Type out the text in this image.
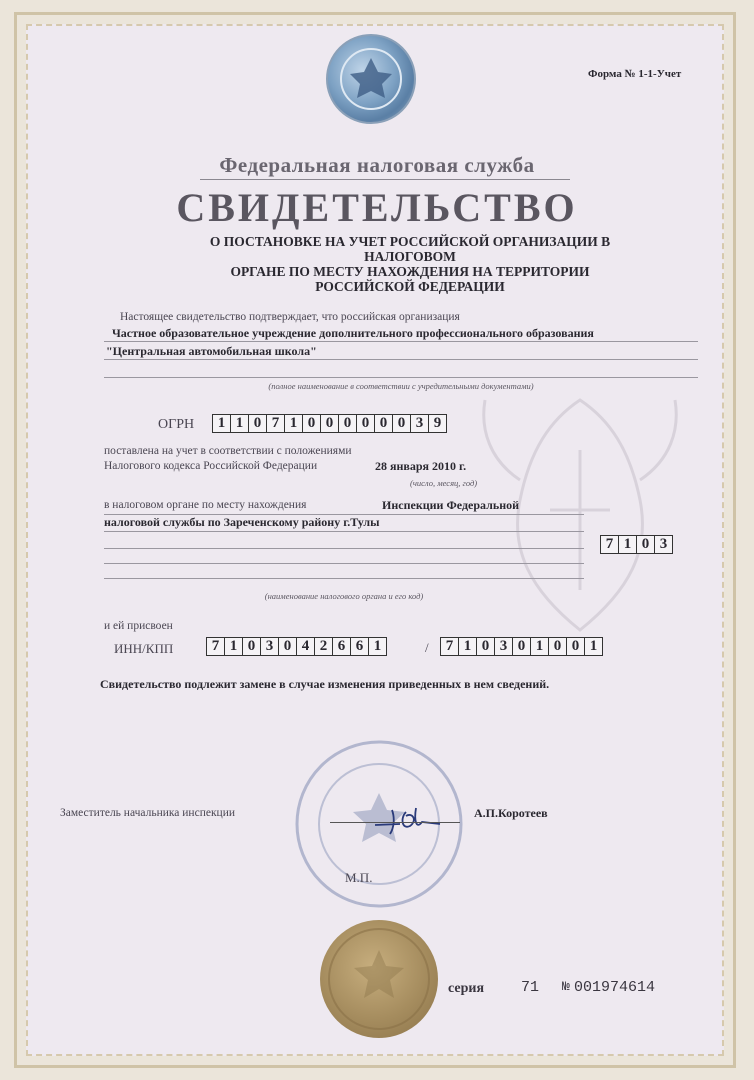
Форма № 1-1-Учет
Федеральная налоговая служба
СВИДЕТЕЛЬСТВО
О ПОСТАНОВКЕ НА УЧЕТ РОССИЙСКОЙ ОРГАНИЗАЦИИ В НАЛОГОВОМ
ОРГАНЕ ПО МЕСТУ НАХОЖДЕНИЯ НА ТЕРРИТОРИИ
РОССИЙСКОЙ ФЕДЕРАЦИИ
Настоящее свидетельство подтверждает, что российская организация
Частное образовательное учреждение дополнительного профессионального образования
"Центральная автомобильная школа"
(полное наименование в соответствии с учредительными документами)
ОГРН	1 1 0 7 1 0 0 0 0 0 0 3 9
поставлена на учет в соответствии с положениями
Налогового кодекса Российской Федерации	28 января 2010 г.
(число, месяц, год)
в налоговом органе по месту нахождения	Инспекции Федеральной
налоговой службы по Зареченскому району г.Тулы
7 1 0 3
(наименование налогового органа и его код)
и ей присвоен
ИНН/КПП	7 1 0 3 0 4 2 6 6 1	/	7 1 0 3 0 1 0 0 1
Свидетельство подлежит замене в случае изменения приведенных в нем сведений.
Заместитель начальника инспекции	А.П.Коротеев
М.П.
серия 71 № 001974614
